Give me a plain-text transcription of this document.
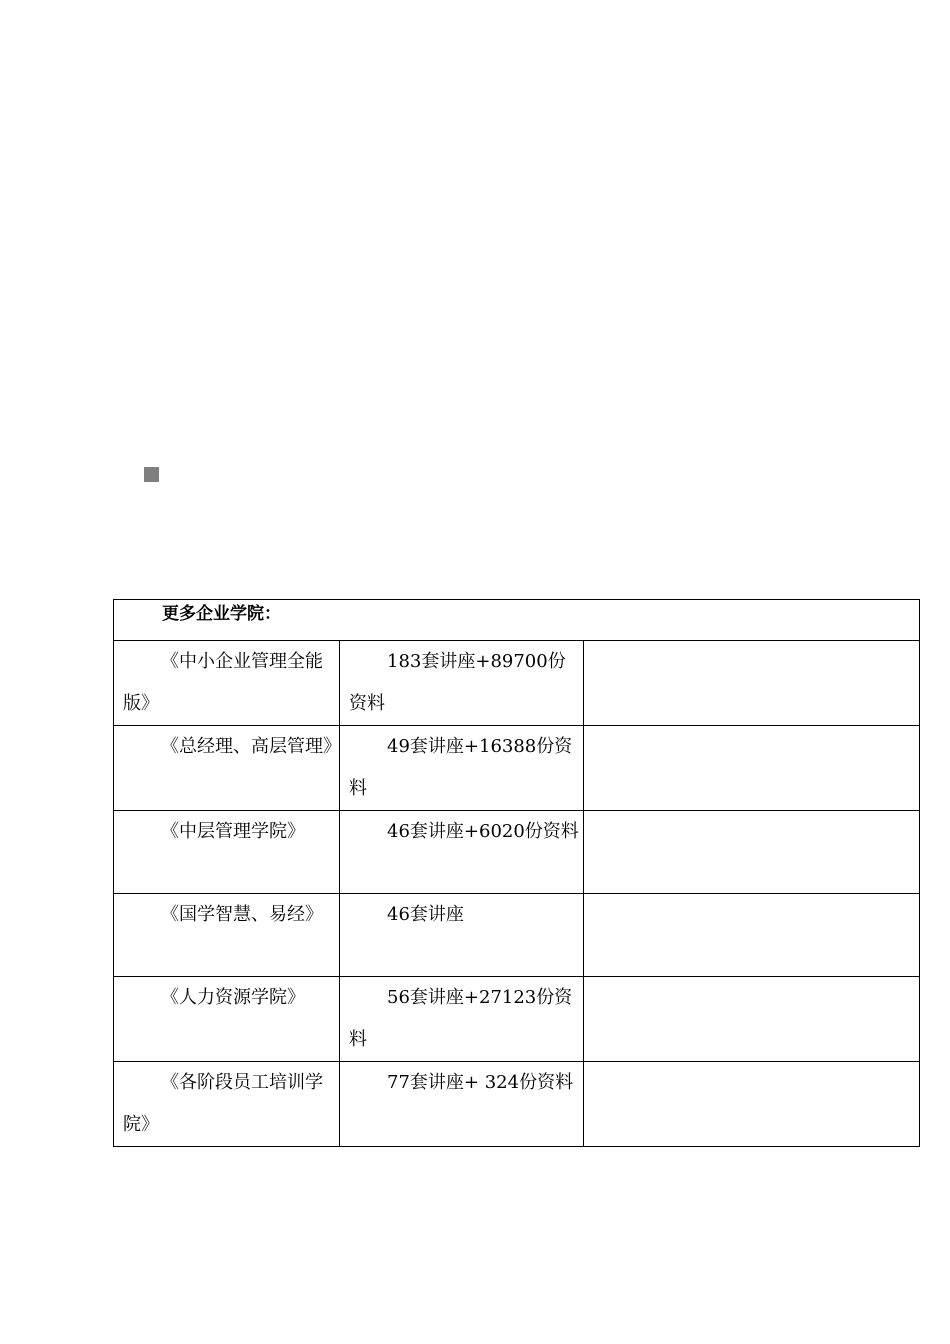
更多企业学院：		

《中小企业管理全能版》	183套讲座+89700份资料	

《总经理、高层管理》	49套讲座+16388份资料	

《中层管理学院》	46套讲座+6020份资料	

《国学智慧、易经》	46套讲座	

《人力资源学院》	56套讲座+27123份资料	

《各阶段员工培训学院》	77套讲座+ 324份资料	
